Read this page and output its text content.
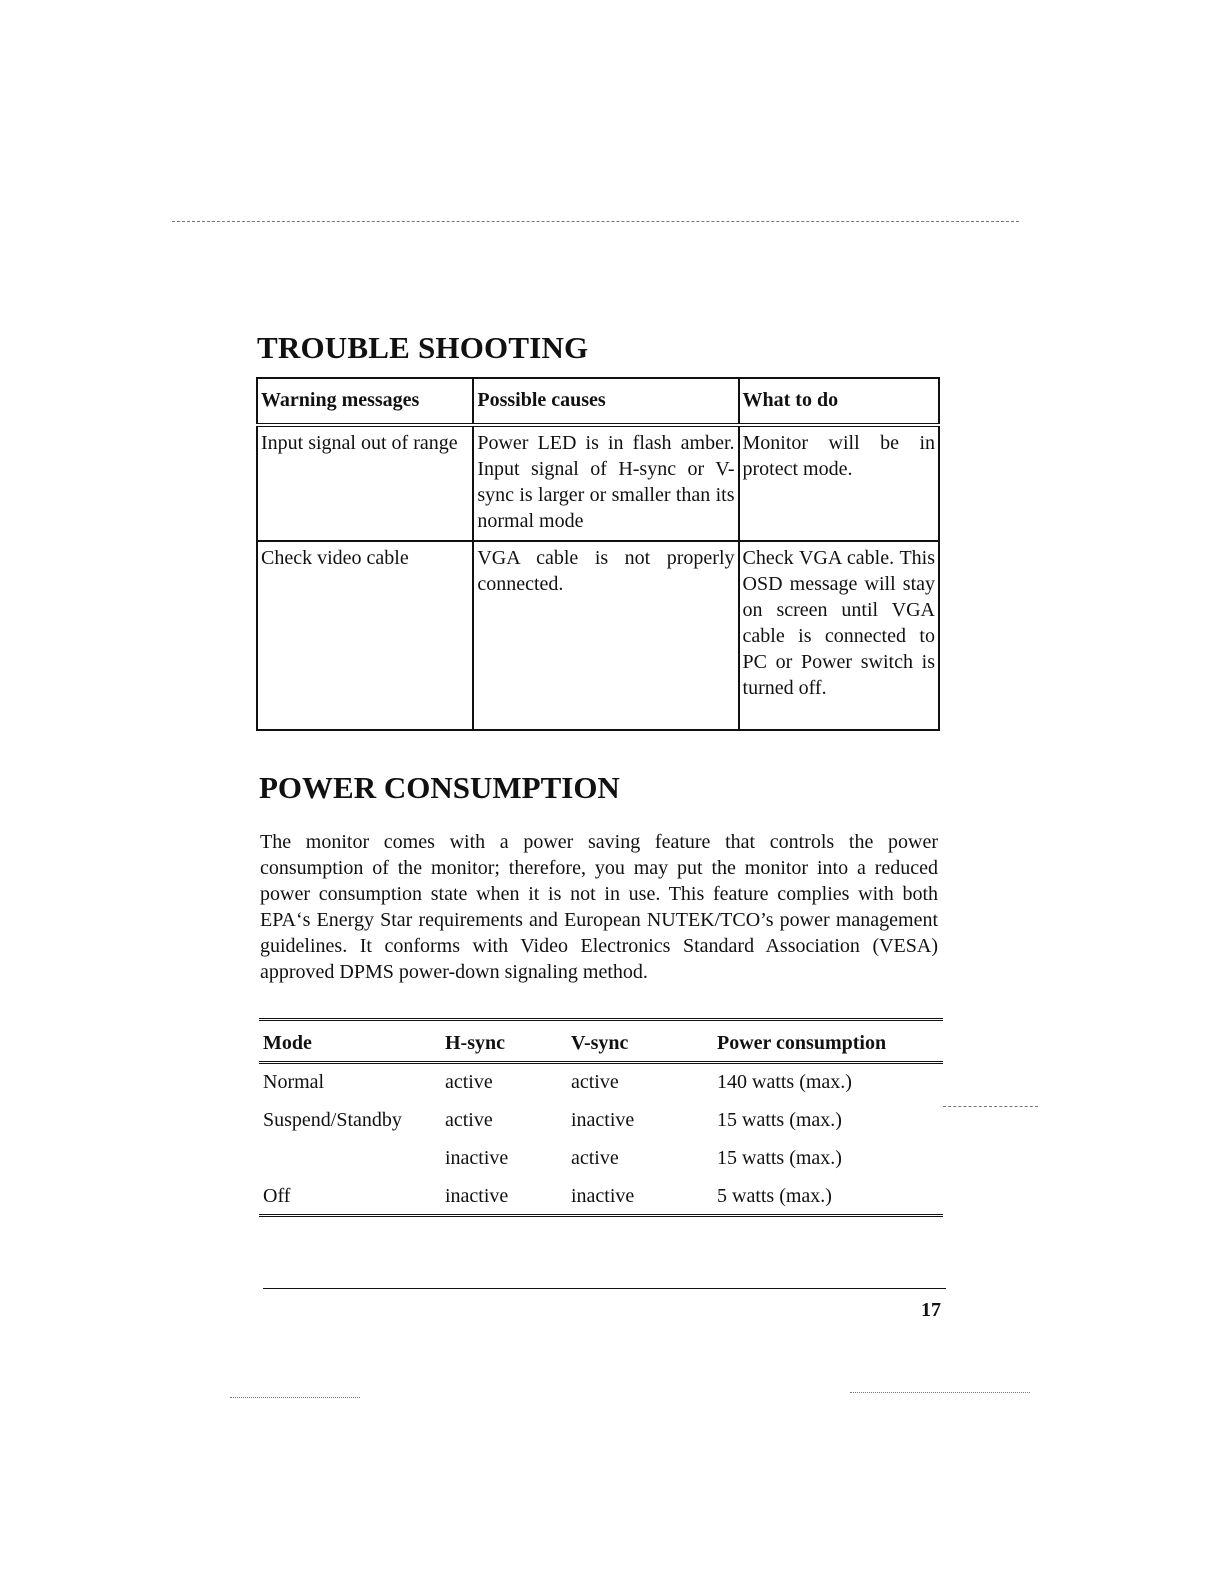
TROUBLE SHOOTING
Warning messages	Possible causes	What to do
Input signal out of range	Power LED is in flash amber. Input signal of H-sync or V-sync is larger or smaller than its normal mode	Monitor will be in protect mode.
Check video cable	VGA cable is not properly connected.	Check VGA cable. This OSD message will stay on screen until VGA cable is connected to PC or Power switch is turned off.
POWER CONSUMPTION

The monitor comes with a power saving feature that controls the power consumption of the monitor; therefore, you may put the monitor into a reduced power consumption state when it is not in use. This feature complies with both EPA‘s Energy Star requirements and European NUTEK/TCO’s power management guidelines. It conforms with Video Electronics Standard Association (VESA) approved DPMS power-down signaling method.

Mode	H-sync	V-sync	Power consumption
Normal	active	active	140 watts (max.)
Suspend/Standby	active	inactive	15 watts (max.)
	inactive	active	15 watts (max.)
Off	inactive	inactive	5 watts (max.)
17
